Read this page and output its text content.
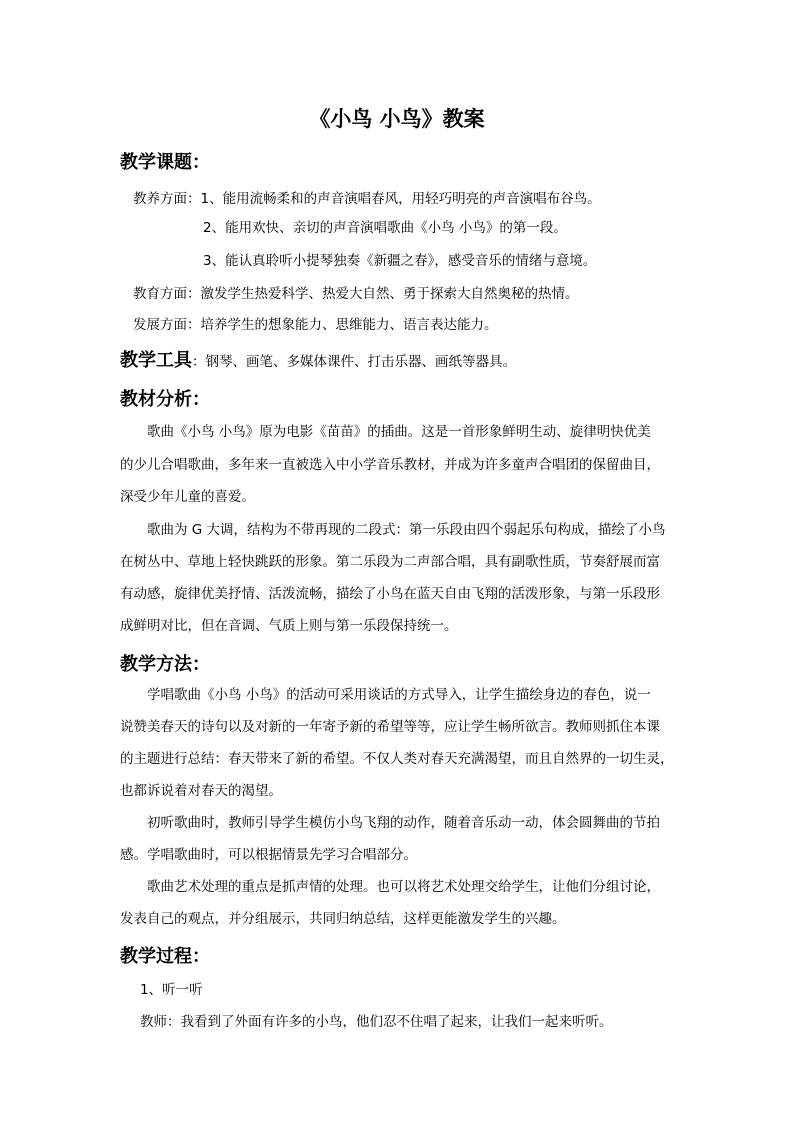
《小鸟 小鸟》教案
教学课题：
教养方面：1、能用流畅柔和的声音演唱春风，用轻巧明亮的声音演唱布谷鸟。
2、能用欢快、亲切的声音演唱歌曲《小鸟 小鸟》的第一段。
3、能认真聆听小提琴独奏《新疆之春》，感受音乐的情绪与意境。
教育方面：激发学生热爱科学、热爱大自然、勇于探索大自然奥秘的热情。
发展方面：培养学生的想象能力、思维能力、语言表达能力。
教学工具：钢琴、画笔、多媒体课件、打击乐器、画纸等器具。
教材分析：
歌曲《小鸟 小鸟》原为电影《苗苗》的插曲。这是一首形象鲜明生动、旋律明快优美
的少儿合唱歌曲，多年来一直被选入中小学音乐教材，并成为许多童声合唱团的保留曲目，
深受少年儿童的喜爱。
歌曲为 G 大调，结构为不带再现的二段式：第一乐段由四个弱起乐句构成，描绘了小鸟
在树丛中、草地上轻快跳跃的形象。第二乐段为二声部合唱，具有副歌性质，节奏舒展而富
有动感，旋律优美抒情、活泼流畅，描绘了小鸟在蓝天自由飞翔的活泼形象，与第一乐段形
成鲜明对比，但在音调、气质上则与第一乐段保持统一。
教学方法：
学唱歌曲《小鸟 小鸟》的活动可采用谈话的方式导入，让学生描绘身边的春色，说一
说赞美春天的诗句以及对新的一年寄予新的希望等等，应让学生畅所欲言。教师则抓住本课
的主题进行总结：春天带来了新的希望。不仅人类对春天充满渴望，而且自然界的一切生灵，
也都诉说着对春天的渴望。
初听歌曲时，教师引导学生模仿小鸟飞翔的动作，随着音乐动一动，体会圆舞曲的节拍
感。学唱歌曲时，可以根据情景先学习合唱部分。
歌曲艺术处理的重点是抓声情的处理。也可以将艺术处理交给学生，让他们分组讨论，
发表自己的观点，并分组展示，共同归纳总结，这样更能激发学生的兴趣。
教学过程：
1、听一听
教师：我看到了外面有许多的小鸟，他们忍不住唱了起来，让我们一起来听听。
